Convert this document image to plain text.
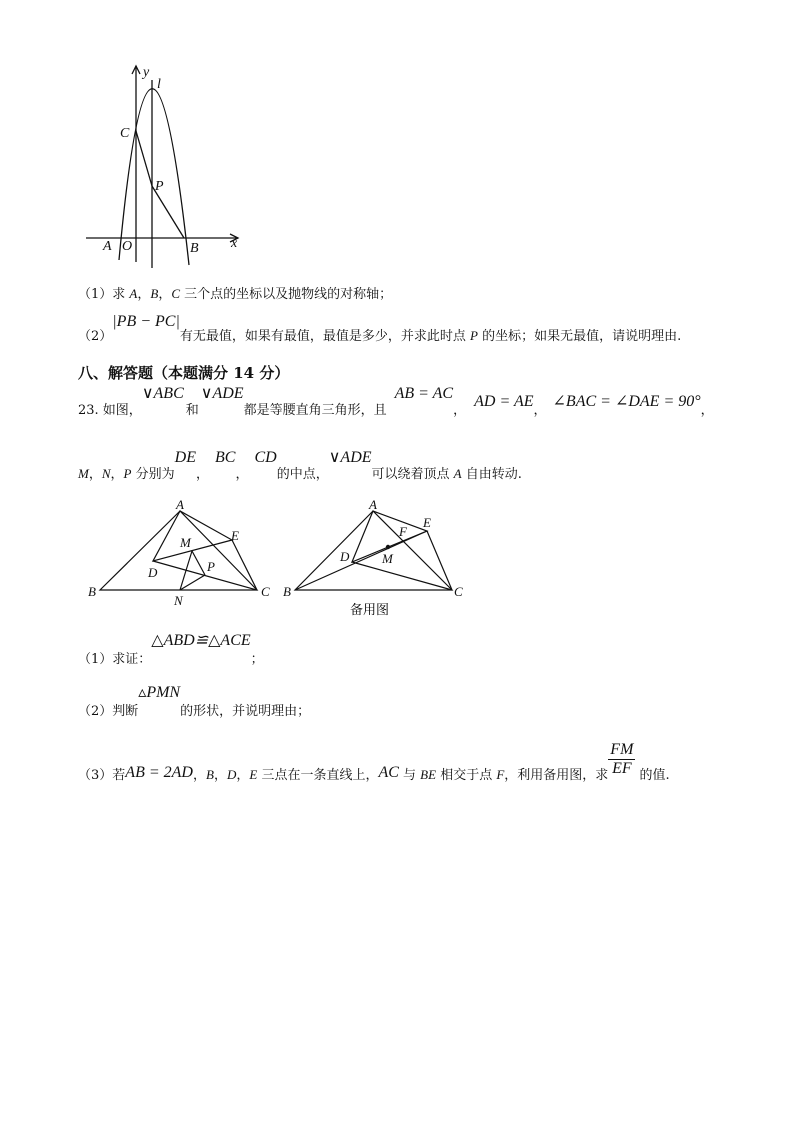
y
l
C
P
A O	B x
（1）求 A，B，C 三个点的坐标以及抛物线的对称轴；
（2）|PB − PC|有无最值，如果有最值，最值是多少，并求此时点 P 的坐标；如果无最值，请说明理由.
八、解答题（本题满分 14 分）
23. 如图，∨ABC和∨ADE都是等腰直角三角形，且AB = AC，AD = AE，∠BAC = ∠DAE = 90°，
M，N，P 分别为DE，BC，CD的中点，∨ADE可以绕着顶点 A 自由转动.
A
E
M
D	P
B
N
C
A
F
E
D	M
B	C
备用图
（1）求证：△ABD≌△ACE；
（2）判断▵PMN的形状，并说明理由；
（3）若AB = 2AD，B，D，E 三点在一条直线上，AC 与 BE 相交于点 F，利用备用图，求 $\frac{FM}{EF}$ 的值.
